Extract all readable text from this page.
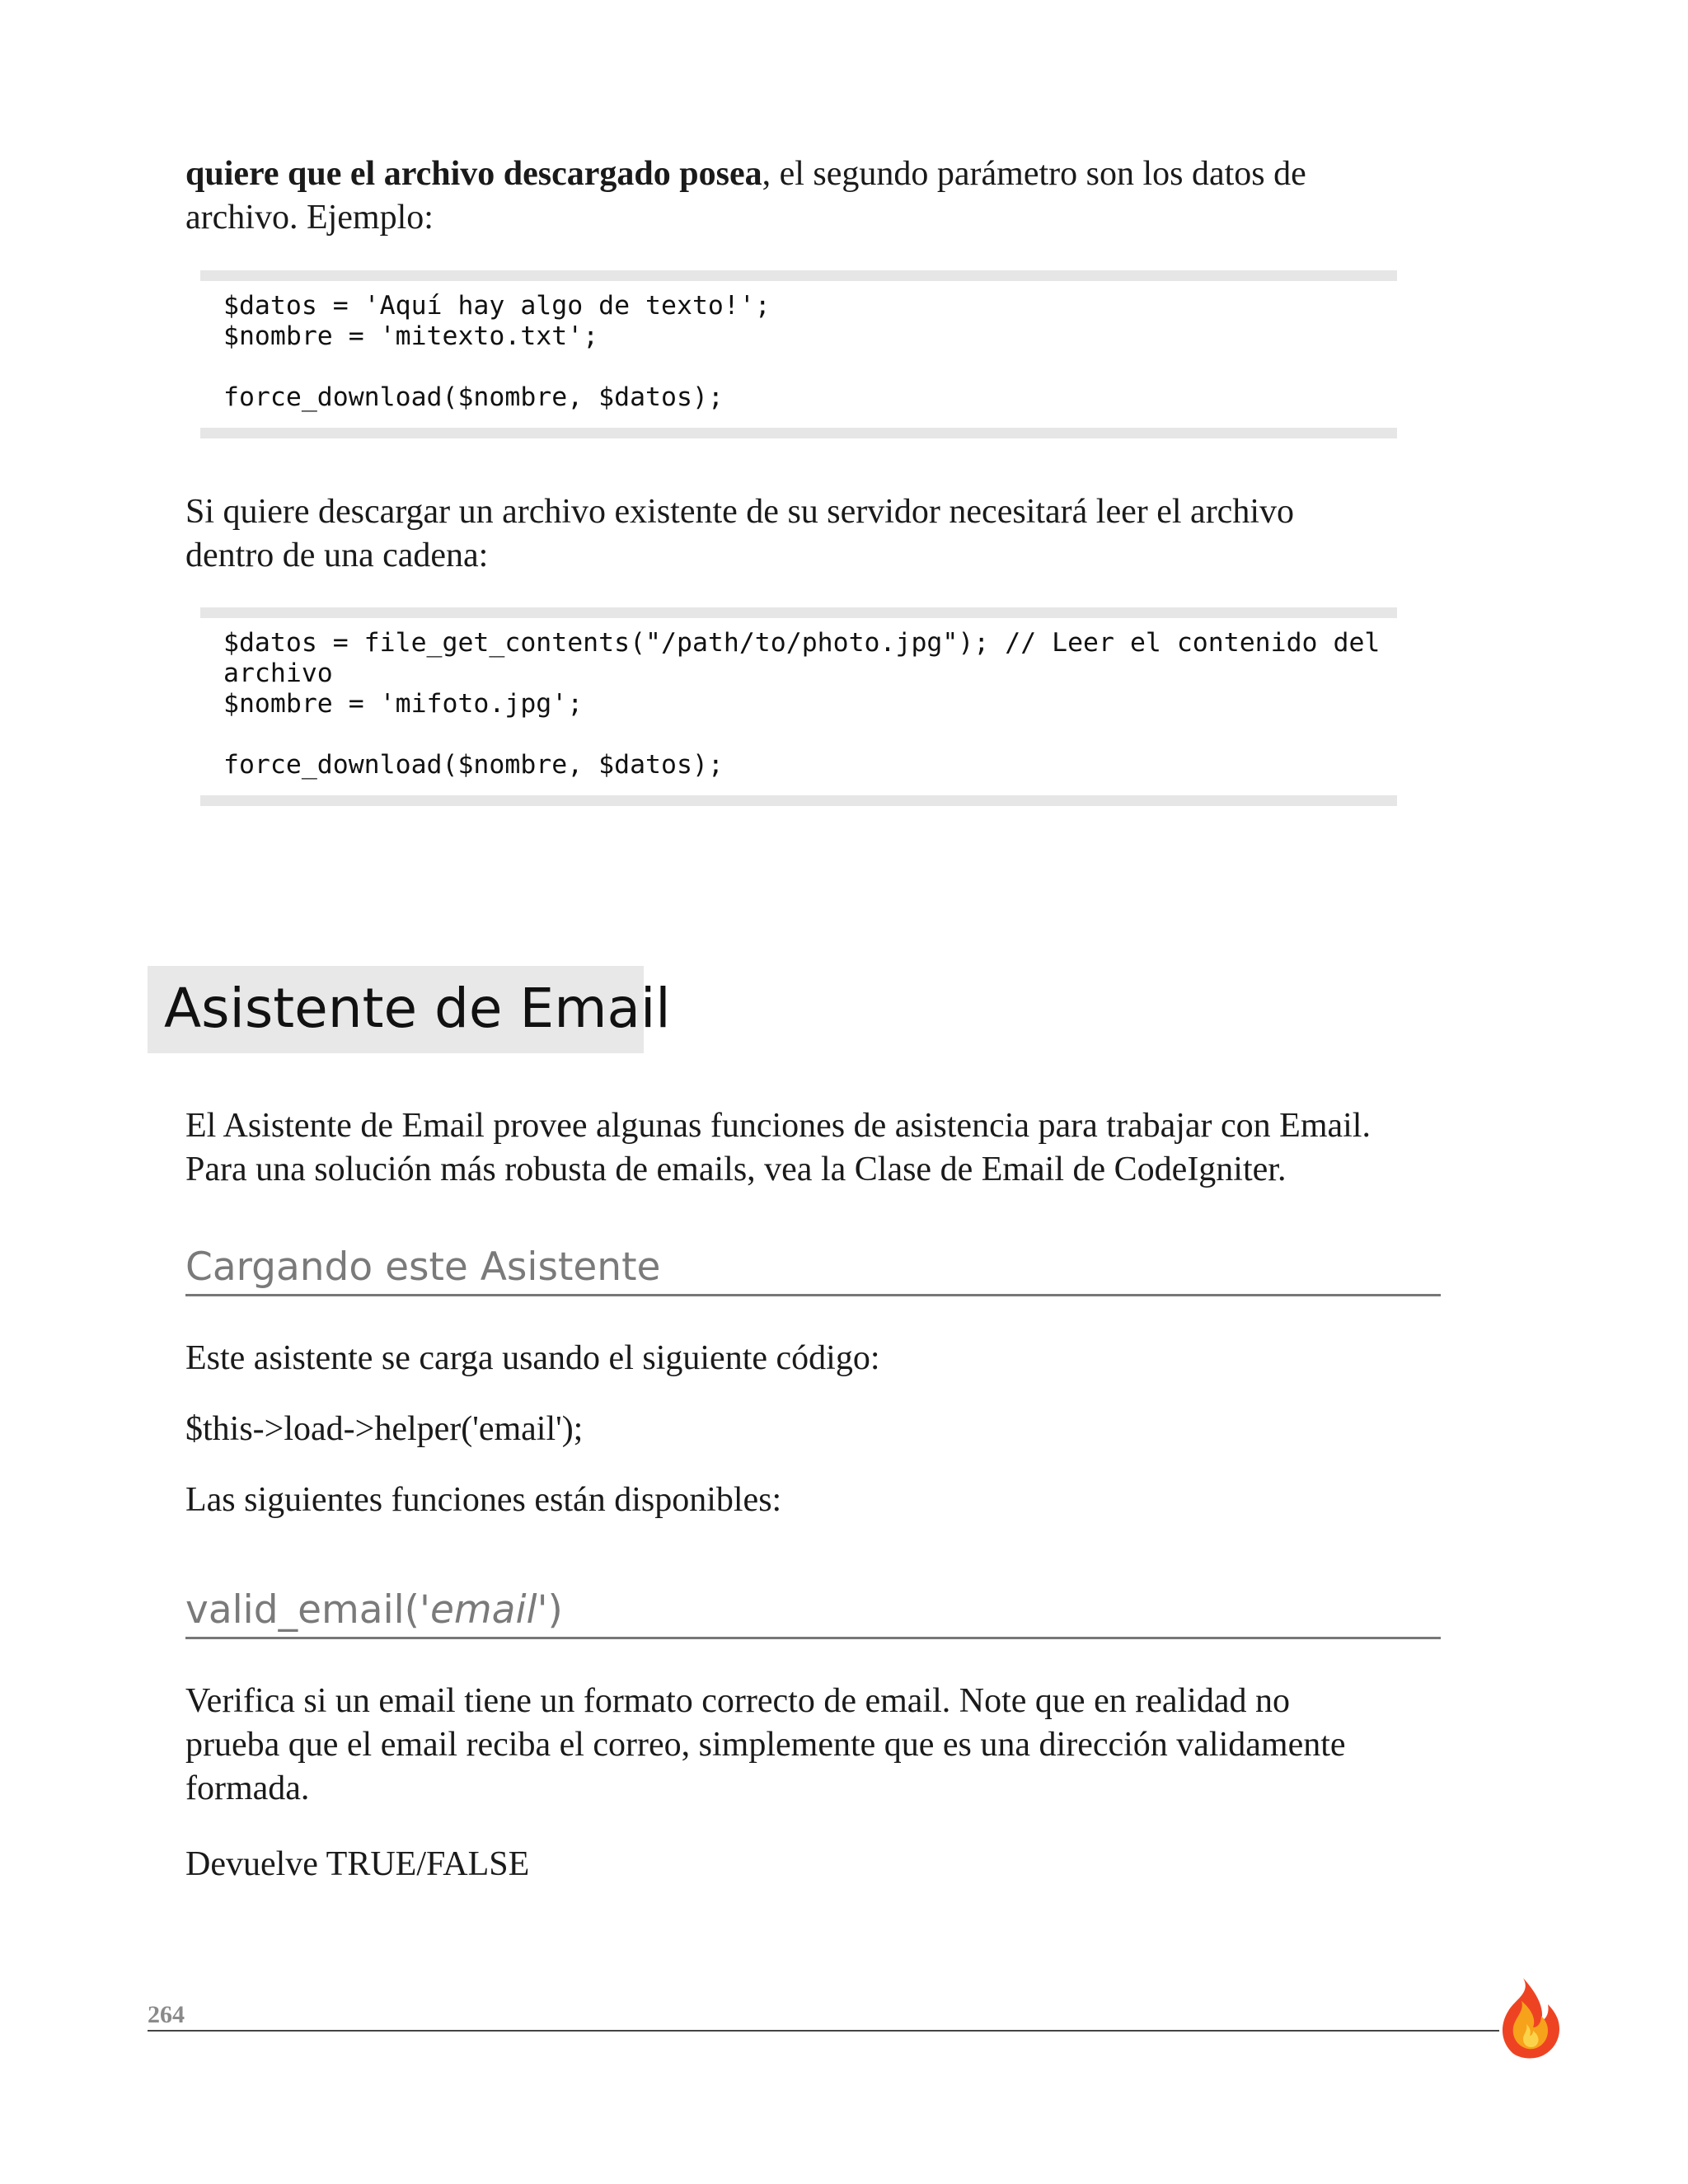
quiere que el archivo descargado posea, el segundo parámetro son los datos de
archivo. Ejemplo:

$datos = 'Aquí hay algo de texto!';
$nombre = 'mitexto.txt';
force_download($nombre, $datos);

Si quiere descargar un archivo existente de su servidor necesitará leer el archivo
dentro de una cadena:

$datos = file_get_contents("/path/to/photo.jpg"); // Leer el contenido del
archivo
$nombre = 'mifoto.jpg';
force_download($nombre, $datos);
Asistente de Email

El Asistente de Email provee algunas funciones de asistencia para trabajar con Email.
Para una solución más robusta de emails, vea la Clase de Email de CodeIgniter.

Cargando este Asistente

Este asistente se carga usando el siguiente código:

$this->load->helper('email');

Las siguientes funciones están disponibles:

valid_email('email')

Verifica si un email tiene un formato correcto de email. Note que en realidad no
prueba que el email reciba el correo, simplemente que es una dirección validamente
formada.

Devuelve TRUE/FALSE

264
